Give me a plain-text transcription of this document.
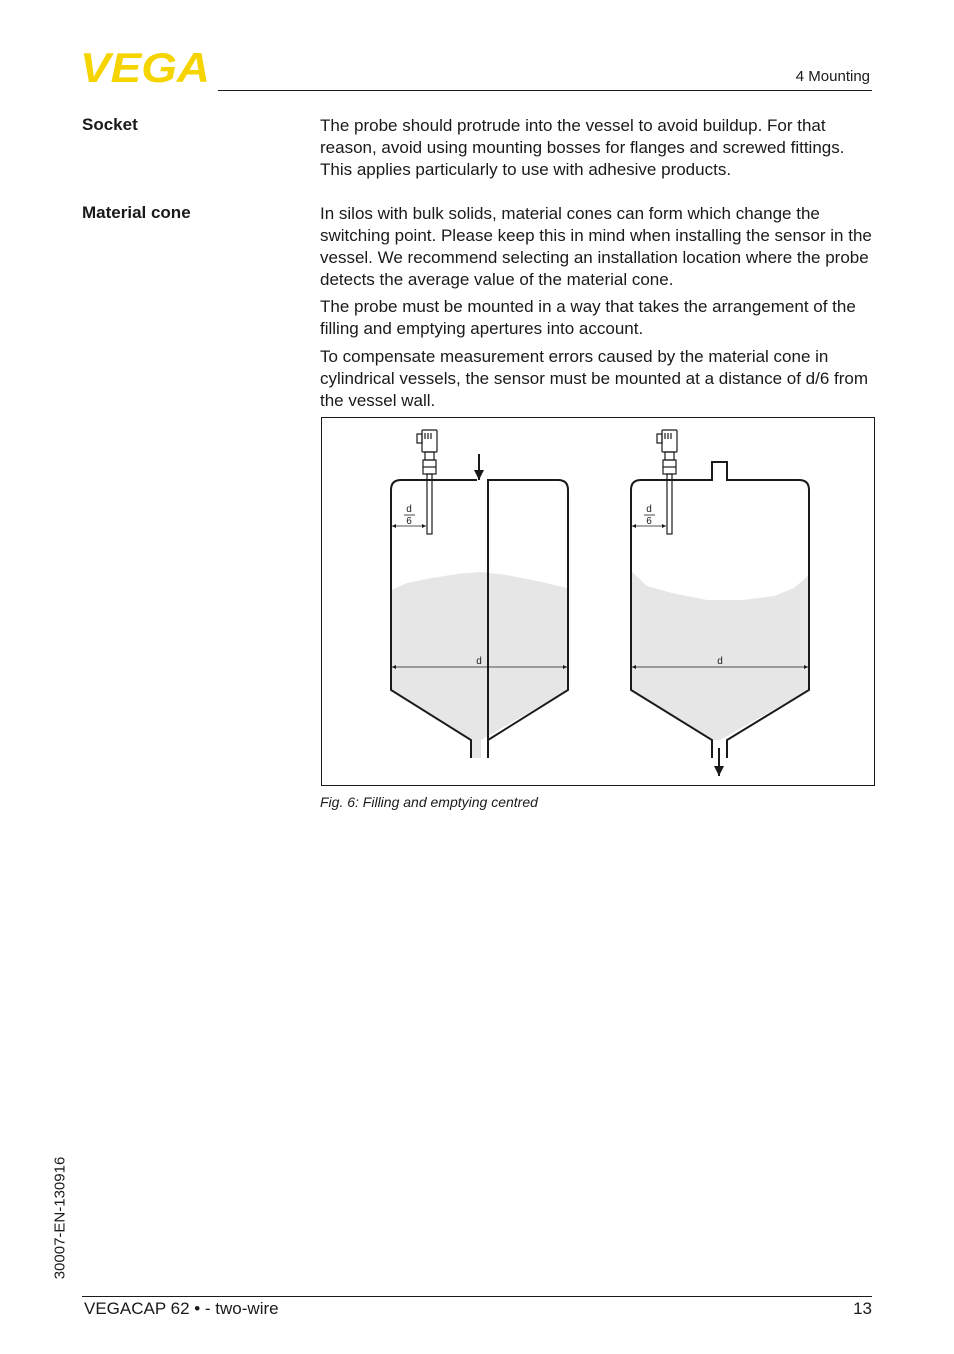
VEGA	4 Mounting
Socket	The probe should protrude into the vessel to avoid buildup. For that reason, avoid using mounting bosses for flanges and screwed fittings. This applies particularly to use with adhesive products.

Material cone	In silos with bulk solids, material cones can form which change the switching point. Please keep this in mind when installing the sensor in the vessel. We recommend selecting an installation location where the probe detects the average value of the material cone.

The probe must be mounted in a way that takes the arrangement of the filling and emptying apertures into account.

To compensate measurement errors caused by the material cone in cylindrical vessels, the sensor must be mounted at a distance of d/6 from the vessel wall.

d
6
d
d
6
d
Fig. 6: Filling and emptying centred
30007-EN-130916
VEGACAP 62 • - two-wire	13
